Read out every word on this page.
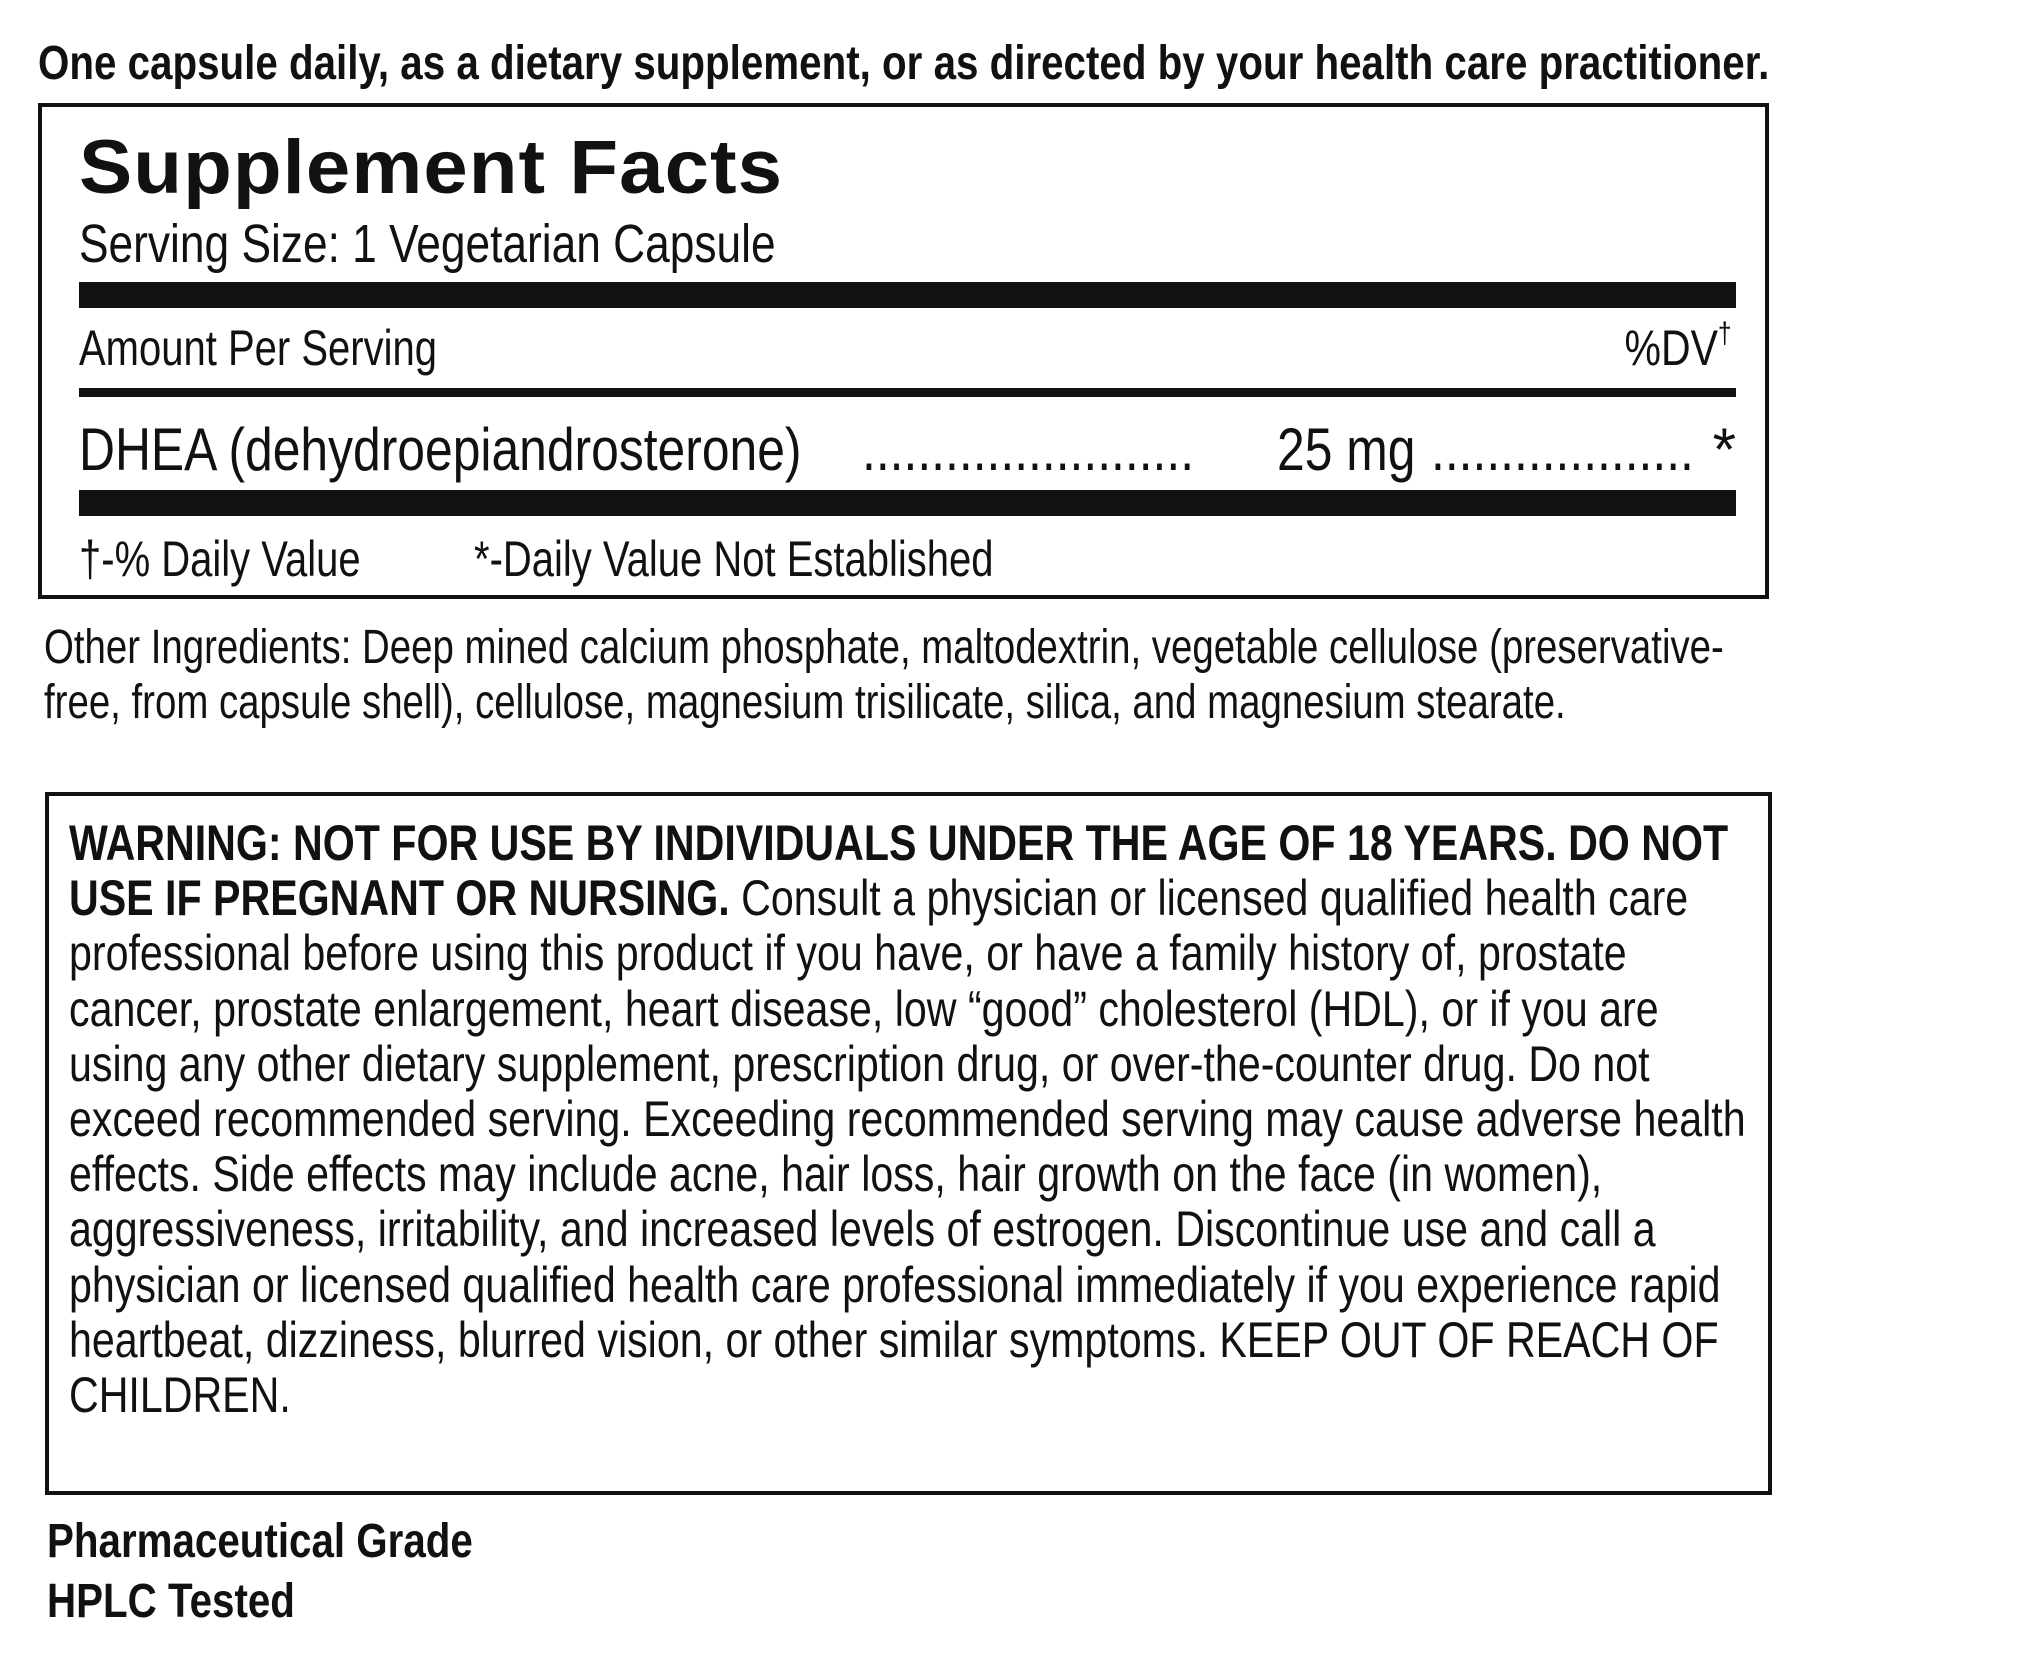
One capsule daily, as a dietary supplement, or as directed by your health care practitioner.
Supplement Facts
Serving Size: 1 Vegetarian Capsule
Amount Per Serving	%DV†
DHEA (dehydroepiandrosterone) ........................ 25 mg ................... *
†-% Daily Value *-Daily Value Not Established
Other Ingredients: Deep mined calcium phosphate, maltodextrin, vegetable cellulose (preservative-free, from capsule shell), cellulose, magnesium trisilicate, silica, and magnesium stearate.
WARNING: NOT FOR USE BY INDIVIDUALS UNDER THE AGE OF 18 YEARS. DO NOT USE IF PREGNANT OR NURSING. Consult a physician or licensed qualified health care professional before using this product if you have, or have a family history of, prostate cancer, prostate enlargement, heart disease, low “good” cholesterol (HDL), or if you are using any other dietary supplement, prescription drug, or over-the-counter drug. Do not exceed recommended serving. Exceeding recommended serving may cause adverse health effects. Side effects may include acne, hair loss, hair growth on the face (in women), aggressiveness, irritability, and increased levels of estrogen. Discontinue use and call a physician or licensed qualified health care professional immediately if you experience rapid heartbeat, dizziness, blurred vision, or other similar symptoms. KEEP OUT OF REACH OF CHILDREN.
Pharmaceutical Grade
HPLC Tested
